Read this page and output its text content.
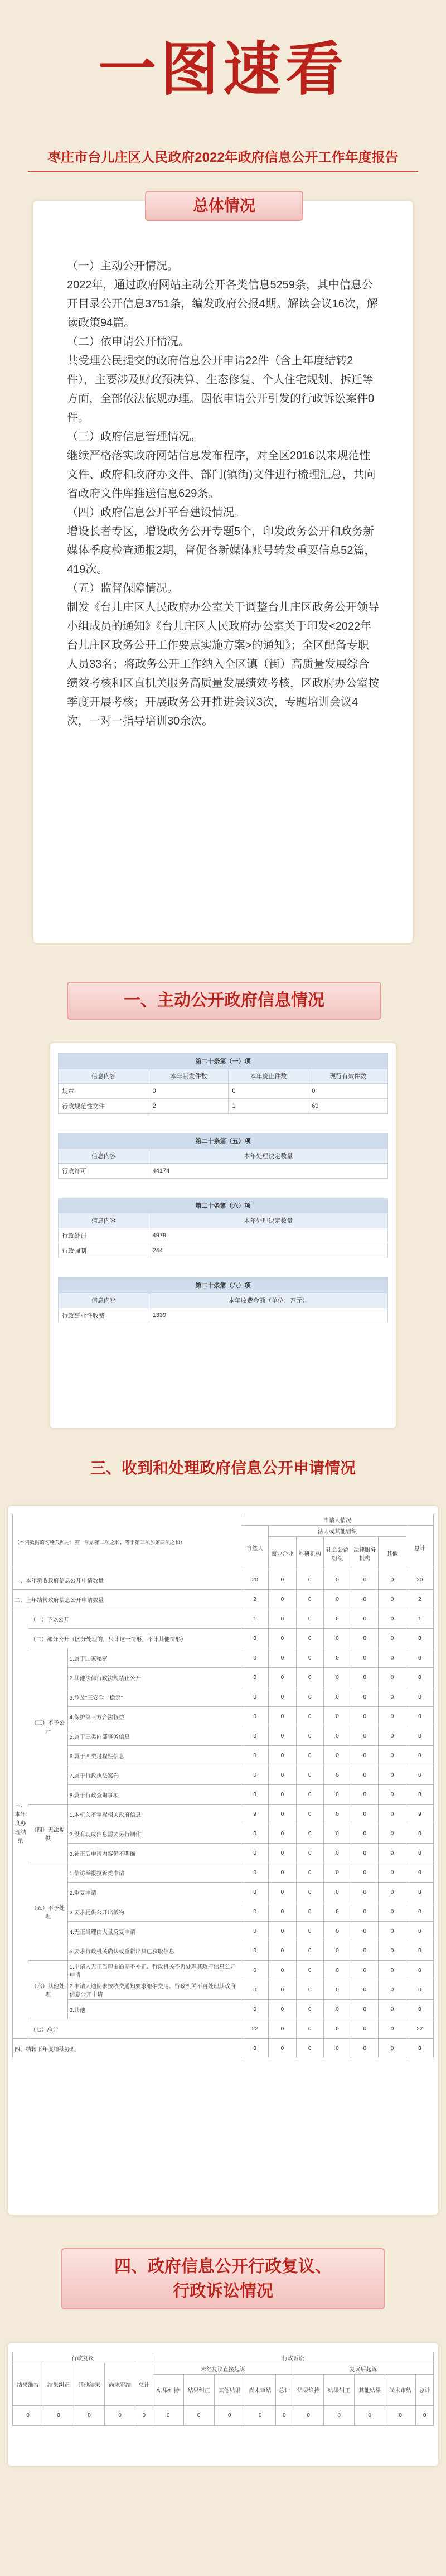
一图速看
枣庄市台儿庄区人民政府2022年政府信息公开工作年度报告
总体情况

（一）主动公开情况。

2022年，通过政府网站主动公开各类信息5259条，其中信息公开目录公开信息3751条，编发政府公报4期。解读会议16次，解读政策94篇。

（二）依申请公开情况。

共受理公民提交的政府信息公开申请22件（含上年度结转2件），主要涉及财政预决算、生态修复、个人住宅规划、拆迁等方面，全部依法依规办理。因依申请公开引发的行政诉讼案件0件。

（三）政府信息管理情况。

继续严格落实政府网站信息发布程序，对全区2016以来规范性文件、政府和政府办文件、部门(镇街)文件进行梳理汇总，共向省政府文件库推送信息629条。

（四）政府信息公开平台建设情况。

增设长者专区，增设政务公开专题5个，印发政务公开和政务新媒体季度检查通报2期，督促各新媒体账号转发重要信息52篇，419次。

（五）监督保障情况。

制发《台儿庄区人民政府办公室关于调整台儿庄区政务公开领导小组成员的通知》《台儿庄区人民政府办公室关于印发<2022年台儿庄区政务公开工作要点实施方案>的通知》；全区配备专职人员33名；将政务公开工作纳入全区镇（街）高质量发展综合绩效考核和区直机关服务高质量发展绩效考核，区政府办公室按季度开展考核；开展政务公开推进会议3次，专题培训会议4次，一对一指导培训30余次。

一、主动公开政府信息情况
第二十条第（一）项			
信息内容	本年制发件数	本年废止件数	现行有效件数
规章	0	0	0
行政规范性文件	2	1	69

第二十条第（五）项			
信息内容	本年处理决定数量		
行政许可	44174		

第二十条第（六）项			
信息内容	本年处理决定数量		
行政处罚	4979		
行政强制	244		

第二十条第（八）项			
信息内容	本年收费金额（单位：万元）		
行政事业性收费	1339		
三、收到和处理政府信息公开申请情况
（本列数据的勾稽关系为：第一项加第二项之和，等于第三项加第四项之和）			申请人情况						
			自然人	法人或其他组织					总计
				商业企业	科研机构	社会公益组织	法律服务机构	其他	
一、本年新收政府信息公开申请数量			20	0	0	0	0	0	20
二、上年结转政府信息公开申请数量			2	0	0	0	0	0	2
三、本年度办理结果	（一）予以公开		1	0	0	0	0	0	1
	（二）部分公开（区分处理的，只计这一情形，不计其他情形）		0	0	0	0	0	0	0
	（三）不予公开	1.属于国家秘密	0	0	0	0	0	0	0
		2.其他法律行政法规禁止公开	0	0	0	0	0	0	0
		3.危及"三安全一稳定"	0	0	0	0	0	0	0
		4.保护第三方合法权益	0	0	0	0	0	0	0
		5.属于三类内部事务信息	0	0	0	0	0	0	0
		6.属于四类过程性信息	0	0	0	0	0	0	0
		7.属于行政执法案卷	0	0	0	0	0	0	0
		8.属于行政查询事项	0	0	0	0	0	0	0
	（四）无法提供	1.本机关不掌握相关政府信息	9	0	0	0	0	0	9
		2.没有现成信息需要另行制作	0	0	0	0	0	0	0
		3.补正后申请内容仍不明确	0	0	0	0	0	0	0
	（五）不予处理	1.信访举报投诉类申请	0	0	0	0	0	0	0
		2.重复申请	0	0	0	0	0	0	0
		3.要求提供公开出版物	0	0	0	0	0	0	0
		4.无正当理由大量反复申请	0	0	0	0	0	0	0
		5.要求行政机关确认或重新出具已获取信息	0	0	0	0	0	0	0
	（六）其他处理	1.申请人无正当理由逾期不补正、行政机关不再处理其政府信息公开申请	0	0	0	0	0	0	0
		2.申请人逾期未按收费通知要求缴纳费用、行政机关不再处理其政府信息公开申请	0	0	0	0	0	0	0
		3.其他	0	0	0	0	0	0	0
	（七）总计		22	0	0	0	0	0	22
四、结转下年度继续办理			0	0	0	0	0	0	0
四、政府信息公开行政复议、
行政诉讼情况
行政复议					行政诉讼									
结果维持	结果纠正	其他结果	尚未审结	总计	未经复议直接起诉					复议后起诉				
					结果维持	结果纠正	其他结果	尚未审结	总计	结果维持	结果纠正	其他结果	尚未审结	总计
0	0	0	0	0	0	0	0	0	0	0	0	0	0	0
